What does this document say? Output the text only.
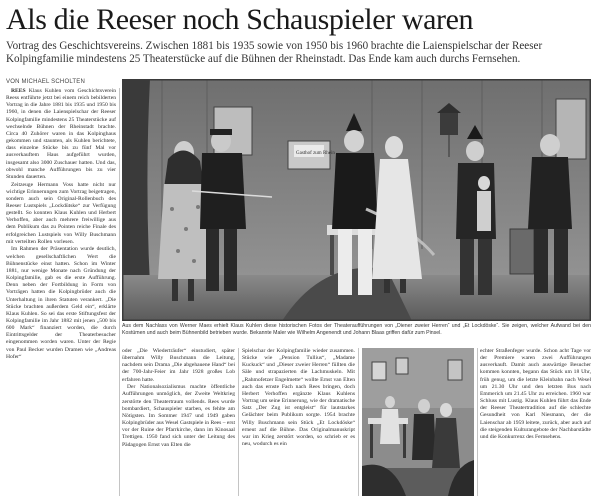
Als die Reeser noch Schauspieler waren
Vortrag des Geschichtsvereins. Zwischen 1881 bis 1935 sowie von 1950 bis 1960 brachte die Laienspielschar der Reeser Kolpingfamilie mindestens 25 Theaterstücke auf die Bühnen der Rheinstadt. Das Ende kam auch durchs Fernsehen.
VON MICHAEL SCHOLTEN

REES Klaus Kuhlen vom Geschichtsverein Reess entführte jetzt bei einem reich bebilderten Vortrag in die Jahre 1881 bis 1935 und 1950 bis 1960, in denen die Laienspielschar der Reeser Kolpingfamilie mindestens 25 Theaterstücke auf wechselnde Bühnen der Rheinstadt brachte. Circa 40 Zuhörer waren in das Kolpinghaus gekommen und staunten, als Kuhlen berichtete, dass einzelne Stücke bis zu fünf Mal vor ausverkauftem Haus aufgeführt wurden, insgesamt also 3000 Zuschauer hatten. Und das, obwohl manche Aufführungen bis zu vier Stunden dauerten.

Zeitzeuge Hermann Voss hatte nicht nur wichtige Erinnerungen zum Vortrag beigetragen, sondern auch sein Original-Rollenbuch des Reeser Lustspiels „Lockdütske“ zur Verfügung gestellt. So konnten Klaus Kuhlen und Herbert Verhoffen, aber auch mehrere freiwillige aus dem Publikum das zu Pointen reiche Finale des erfolgreichen Lustspiels von Willy Buschmann mit verteilten Rollen vorlesen.

Im Rahmen der Präsentation wurde deutlich, welchen gesellschaftlichen Wert die Bühnenstücke einst hatten. Schon im Winter 1881, nur wenige Monate nach Gründung der Kolpingfamilie, gab es die erste Aufführung. Denn neben der Fortbildung in Form von Vorträgen hatten die Kolpingbrüder auch die Unterhaltung in ihren Statuten verankert. „Die Stücke brachten außerdem Geld ein“, erklärte Klaus Kuhlen. So sei das erste Stiftungsfest der Kolpingfamilie im Jahr 1882 mit jenen „500 bis 600 Mark“ finanziert worden, die durch Eintrittsgelder der Theaterbesucher eingenommen worden waren. Unter der Regie von Paul Becker wurden Dramen wie „Andreas Hofer“

Gasthof zum Rhein
Aus dem Nachlass von Werner Maes erhielt Klaus Kuhlen diese historischen Fotos der Theateraufführungen von „Diener zweier Herren“ und „Et Lockdöske“. Sie zeigen, welcher Aufwand bei den Kostümen und auch beim Bühnenbild betrieben wurde. Bekannte Maler wie Wilhelm Angenendt und Johann Blaas griffen dafür zum Pinsel.

oder „Die Wiederträufer“ einstudiert, später übernahm Willy Buschmann die Leitung, nachdem sein Drama „Die abgehauene Hand“ bei der 700-Jahr-Feier im Jahr 1928 großes Lob erfahren hatte.

Der Nationalsozialismus machte öffentliche Aufführungen unmöglich, der Zweite Weltkrieg zerstörte den Theatertraum vollends. Rees wurde bombardiert, Schauspieler starben, es fehlte am Nötigsten. Im Sommer 1947 und 1949 gaben Kolpingbrüder aus Wesel Gastspiele in Rees – erst vor der Ruine der Pfarrkirche, dann im Kinosaal Trettigen. 1950 fand sich unter der Leitung des Pädagogen Ernst van Elten die

Spielschar der Kolpingfamilie wieder zusammen. Stücke wie „Pension Tullius“, „Madame Kuckuck“ und „Dieser zweier Herren“ füllten die Säle und strapazierten die Lachmuskeln. Mit „Rahmofetzer Engelmette“ wollte Ernst van Elten auch das ernste Fach nach Rees bringen, doch Herbert Verhoffen ergänzte Klaus Kuhlens Vortrag um seine Erinnerung, wie der dramatische Satz „Der Zug ist entgleist“ für lautstarkes Gelächter beim Publikum sorgte. 1954 brachte Willy Buschmann sein Stück „Et Lockdöske“ erneut auf die Bühne. Das Originalmanuskript war im Krieg zerstört worden, so schrieb er es neu, wodurch es ein

echter Straßenfeger wurde. Schon acht Tage vor der Premiere waren zwei Aufführungen ausverkauft. Damit auch auswärtige Besucher kommen konnten, begann das Stück um 18 Uhr, früh genug, um die letzte Kleinbahn nach Wesel um 21.30 Uhr und den letzten Bus nach Emmerich um 21.45 Uhr zu erreichen. 1960 war Schluss mit Lustig. Klaus Kuhlen führt das Ende der Reeser Theatertradition auf die schlechte Gesundheit von Karl Niesmann, der die Laienschar ab 1959 leitete, zurück, aber auch auf die steigenden Kulturangebote der Nachbarstädte und die Konkurrenz des Fernsehens.
